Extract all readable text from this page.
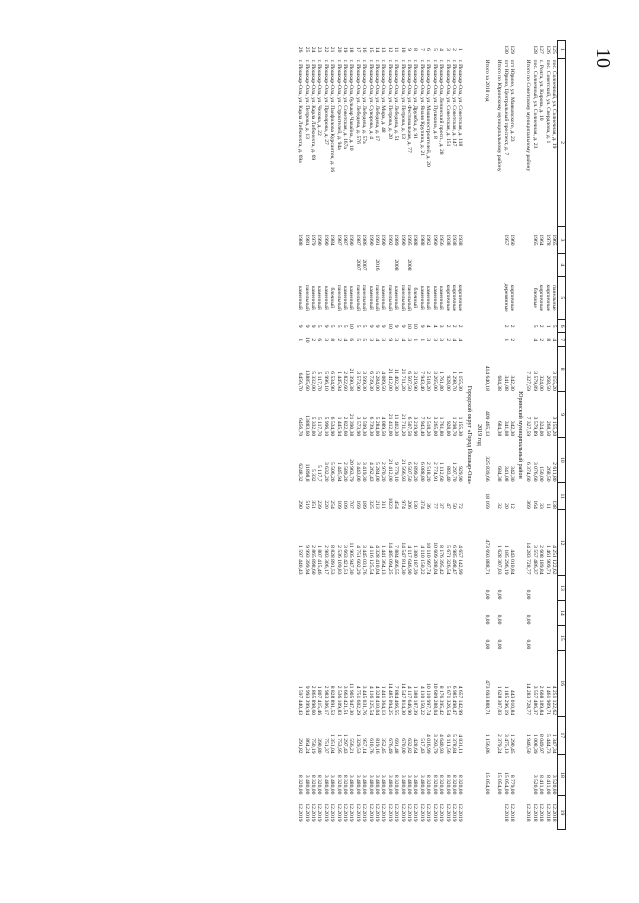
10
1	2	3	4	5	6	7	8	9	10	11	12	13	14	15	16	17	18	19
125	пос. Солнечный, ул. Солнечная, д. 19	1965		панельные	5	4	3 155,20	3 155,20	2 611,80	138	4 251 122,62				4 251 122,62	1 347,34	3 520,00	12.2018
126	пос. Советский, ул. Свердлова, д. 1	1978		кирпичные	1	8	268,50	268,50	268,50	11	1 461 909,71				1 461 909,71	5 444,73	8 411,00	12.2018
127	с. Ролга, ул. Кирова, д. 10	1964		кирпичные	2	2	324,00	324,00	150,00	33	2 608 189,84				2 608 189,84	8 049,97	8 411,00	12.2018
128	пос. Солнечный, ул. Солнечная, д. 23	1965		блочные	5	4	3 579,89	3 579,89	3 076,60	164	3 557 486,37				3 557 486,37	1 008,39	3 520,00	12.2018
	Итого по Советскому муниципальному району						7 327,59	7 327,59	6 374,60	369	14 283 728,77	0,00	0,00	0,00	14 283 728,77	1 946,50		12.2018
Юринский муниципальный район																		
129	пгт Юрино, ул. Маяковского, д. 23	1960		кирпичные	2	2	342,30	342,30	342,30	12	443 010,84				443 010,84	1 290,45	8 779,00	12.2018
130	пгт Юрино, Центральный проспект, д. 7	1957		деревянные	2	1	341,08	341,08	341,08	20	1 185 296,19				1 185 296,19	3 475,13	15 054,00	12.2018
	Итого по Юринскому муниципальному району						684,38	684,38	684,38	32	1 628 307,03	0,00	0,00	0,00	1 628 307,03	2 379,24	15 054,00	

	Итого за 2018 год						414 640,18	409 465,13	325 839,66	18 169	473 693 888,71	0,00	0,00	0,00	473 693 888,71	1 156,86	15 054,00	
2019 год																		
Городской округ «Город Йошкар-Ола»																		
1	г. Йошкар-Ола, ул. Советская, д. 118	1938		кирпичные	2	4	1 155,30	1 155,30	929,90	72	4 657 142,99				4 657 142,99	4 031,11	8 320,00	12.2019
2	г. Йошкар-Ола, ул. Советская, д. 147	1938		кирпичные	2	4	1 298,70	1 298,70	1 297,70	50	6 985 498,47				6 985 498,47	5 378,84	8 320,00	12.2019
3	г. Йошкар-Ола, ул. Советская, д. 151	1938		кирпичные	2	2	928,00	928,00	883,40	47	5 671 326,54				5 671 326,54	6 111,56	8 320,00	12.2019
4	г. Йошкар-Ола, Ленинский просп., д. 28	1956		каменный	3	3	1 761,80	1 761,80	1 112,60	37	8 176 395,42				8 176 395,42	4 640,93	8 320,00	12.2019
5	г. Йошкар-Ола, ул. Пушкина, д. 8	1960		каменный	4	3	3 265,00	3 265,00	2 774,91	77	10 609 288,04				10 609 288,04	3 293,79	8 320,00	12.2019
6	г. Йошкар-Ола, ул. Машиностроителей, д. 20	1962		каменный	4	3	2 518,20	2 518,20	2 518,20	36	10 110 997,74				10 110 997,74	4 016,99	8 320,00	12.2019
7	г. Йошкар-Ола, ул. Яналя Крупина, д. 21	1988		каменный	9	1	7 943,40	7 943,40	6 088,80	374	4 110 150,22				4 110 150,22	517,43	3 480,00	12.2019
8	г. Йошкар-Ола, ул. Дружбы, д. 91	1988		блочный	10	1	3 219,90	3 219,90	2 899,20	130	1 380 187,39				1 380 187,39	428,64	3 480,00	12.2019
9	г. Йошкар-Ола, ул. Фестивальная, д. 77	1995	2008	панельный	10	3	6 507,50	6 507,50	6 507,50	206	4 117 646,90				4 117 646,90	632,82	3 480,00	12.2019
10	г. Йошкар-Ола, ул. Петрова, д. 13	1990		панельный	9	4	21 711,20	21 711,20	21 566,93	974	14 547 814,30				14 547 814,30	670,00	3 480,00	12.2019
11	г. Йошкар-Ола, ул. Лебедева, д. 51	1989	2008	каменный	9	3	11 402,30	11 402,30	9 779,10	454	7 884 466,55				7 884 466,55	691,48	8 320,00	12.2019
12	г. Йошкар-Ола, ул. Петрова, д. 20	1992		панельный	10	9	21 412,00	21 412,00	21 412,00	1023	14 485 094,25				14 485 094,25	676,49	3 480,00	12.2019
13	г. Йошкар-Ола, ул. Мира, д. 48	1990		каменный	9	3	4 089,50	4 089,50	2 970,20	311	1 441 364,13				1 441 364,13	352,45	3 480,00	12.2019
14	г. Йошкар-Ола, ул. Лебедева, д. 17	1991	2016	панельный	9	4	5 284,00	5 284,00	5 284,00	213	4 328 410,04				4 328 410,04	819,16	3 480,00	12.2019
15	г. Йошкар-Ола, ул. Суворова, д. 4	1990		каменный	9	3	6 739,30	6 739,30	4 262,43	325	4 116 125,54				4 116 125,54	610,76	3 480,00	12.2019
16	г. Йошкар-Ола, ул. Лебедева, д. 57а	1986	2007	панельный	5	5	3 599,30	3 599,30	3 419,30	189	3 445 031,76				3 445 031,76	957,14	3 480,00	12.2019
17	г. Йошкар-Ола, ул. Лебедева, д. 57б	1987	2007	панельный	5	5	3 573,90	3 573,90	3 443,00	169	4 751 602,29				4 751 602,29	1 329,53	3 480,00	12.2019
18	г. Йошкар-Ола, бульвар Чавайна, д. 10	1990		каменный	10	6	21 390,38	21 390,38	20 963,79	707	11 905 947,30				11 905 947,30	556,21	3 480,00	12.2019
19	г. Йошкар-Ола, ул. Советская, д. 167а	1987		каменный	5	4	2 822,60	2 822,60	2 589,20	109	3 663 421,51				3 663 421,51	1 297,43	8 320,00	12.2019
20	г. Йошкар-Ола, ул. Строителей, д. 94а	1987		панельный	5	2	1 445,94	1 445,94	1 445,94	109	2 536 109,83				2 536 109,83	1 753,95	8 320,00	12.2019
21	г. Йошкар-Ола, ул. Панфилова Курсантов, д. 16	1984		блочный	5	8	6 534,90	6 534,90	5 506,20	254	8 828 891,53				8 828 891,53	1 351,04	3 480,00	12.2019
22	г. Йошкар-Ола, ул. Прохорова, д. 27	1990		каменный	9	3	5 996,10	5 996,10	3 632,20	220	2 983 306,17				2 983 306,17	751,37	3 480,00	12.2019
23	г. Йошкар-Ола, ул. Чехова, д. 22	1990		каменный	5	6	5 117,70	5 117,70	5 117,7	239	1 807 415,46				1 807 415,46	390,80	8 320,00	12.2019
24	г. Йошкар-Ола, ул. Карла Либкнехта, д. 69	1979		каменный	9	2	5 332,00	5 332,00	5 332	351	2 865 898,60				2 865 898,60	750,19	8 320,00	12.2019
25	г. Йошкар-Ола, ул. Петрова, д. 13	1981		панельный	9	10	13885,60	13883,60	11898,8	519	9 993 399,94				9 993 399,94	864,24	3 480,00	12.2019
26	г. Йошкар-Ола, ул. Карла Либкнехта, д. 69а	1988		каменный	9	1	6456,70	6456,70	6248,32	290	1 597 440,43				1 597 440,43	291,82	8 320,00	12.2019
